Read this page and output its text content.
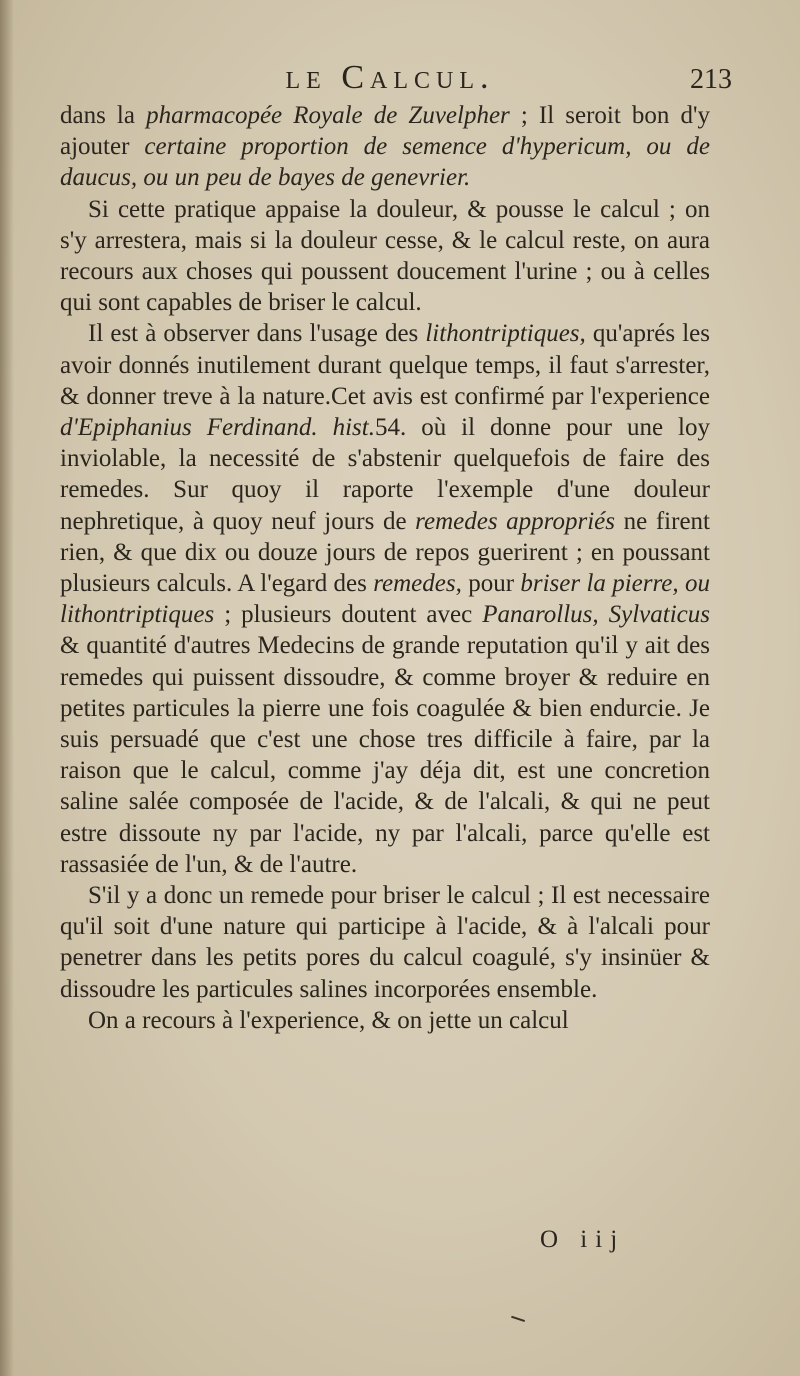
le Calcul.	213

dans la pharmacopée Royale de Zuvelpher ; Il seroit bon d'y ajouter certaine proportion de semence d'hypericum, ou de daucus, ou un peu de bayes de genevrier.

Si cette pratique appaise la douleur, & pousse le calcul ; on s'y arrestera, mais si la douleur cesse, & le calcul reste, on aura recours aux choses qui poussent doucement l'urine ; ou à celles qui sont capables de briser le calcul.

Il est à observer dans l'usage des lithontriptiques, qu'aprés les avoir donnés inutilement durant quelque temps, il faut s'arrester, & donner treve à la nature.Cet avis est confirmé par l'experience d'Epiphanius Ferdinand. hist.54. où il donne pour une loy inviolable, la necessité de s'abstenir quelquefois de faire des remedes. Sur quoy il raporte l'exemple d'une douleur nephretique, à quoy neuf jours de remedes appropriés ne firent rien, & que dix ou douze jours de repos guerirent ; en poussant plusieurs calculs. A l'egard des remedes, pour briser la pierre, ou lithontriptiques ; plusieurs doutent avec Panarollus, Sylvaticus & quantité d'autres Medecins de grande reputation qu'il y ait des remedes qui puissent dissoudre, & comme broyer & reduire en petites particules la pierre une fois coagulée & bien endurcie. Je suis persuadé que c'est une chose tres difficile à faire, par la raison que le calcul, comme j'ay déja dit, est une concretion saline salée composée de l'acide, & de l'alcali, & qui ne peut estre dissoute ny par l'acide, ny par l'alcali, parce qu'elle est rassasiée de l'un, & de l'autre.

S'il y a donc un remede pour briser le calcul ; Il est necessaire qu'il soit d'une nature qui participe à l'acide, & à l'alcali pour penetrer dans les petits pores du calcul coagulé, s'y insinüer & dissoudre les particules salines incorporées ensemble.

On a recours à l'experience, & on jette un calcul

O iij
